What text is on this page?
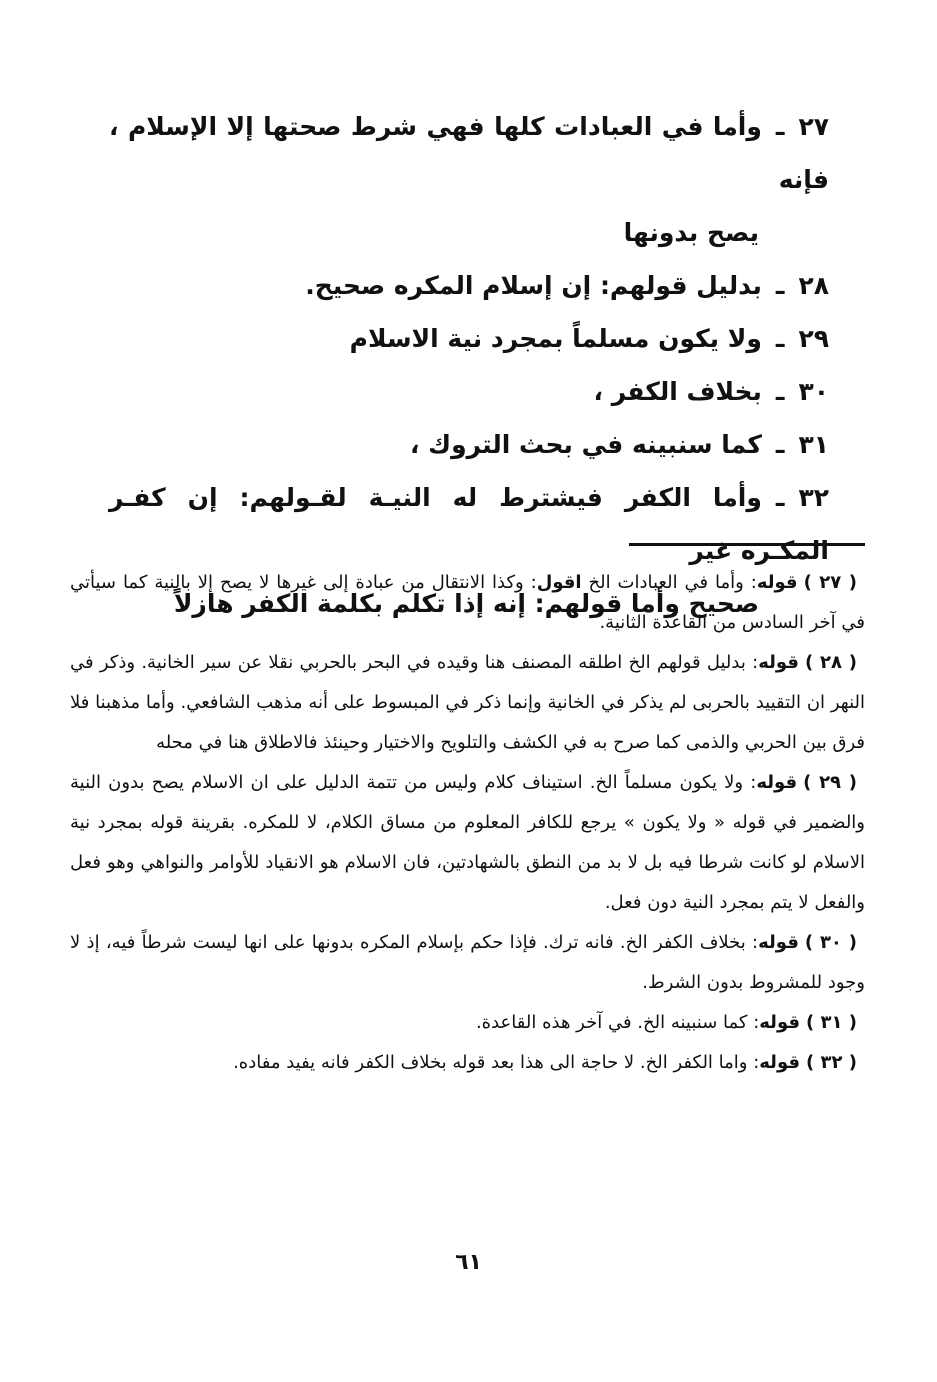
٢٧ـوأما في العبادات كلها فهي شرط صحتها إلا الإسلام ، فإنه
يصح بدونها
٢٨ـبدليل قولهم: إن إسلام المكره صحيح.
٢٩ـولا يكون مسلماً بمجرد نية الاسلام
٣٠ـبخلاف الكفر ،
٣١ـكما سنبينه في بحث التروك ،
٣٢ـوأما الكفر فيشترط له النيـة لقـولهم: إن كفـر المكـره غير
صحيح وأما قولهم: إنه إذا تكلم بكلمة الكفر هازلاً
( ٢٧ )قوله: وأما في العبادات الخ اقول: وكذا الانتقال من عبادة إلى غيرها لا يصح إلا بالنية كما سيأتي في آخر السادس من القاعدة الثانية.
( ٢٨ )قوله: بدليل قولهم الخ اطلقه المصنف هنا وقيده في البحر بالحربي نقلا عن سير الخانية. وذكر في النهر ان التقييد بالحربى لم يذكر في الخانية وإنما ذكر في المبسوط على أنه مذهب الشافعي. وأما مذهبنا فلا فرق بين الحربي والذمى كما صرح به في الكشف والتلويح والاختيار وحينئذ فالاطلاق هنا في محله
( ٢٩ )قوله: ولا يكون مسلماً الخ. استيناف كلام وليس من تتمة الدليل على ان الاسلام يصح بدون النية والضمير في قوله « ولا يكون » يرجع للكافر المعلوم من مساق الكلام، لا للمكره. بقرينة قوله بمجرد نية الاسلام لو كانت شرطا فيه بل لا بد من النطق بالشهادتين، فان الاسلام هو الانقياد للأوامر والنواهي وهو فعل والفعل لا يتم بمجرد النية دون فعل.
( ٣٠ )قوله: بخلاف الكفر الخ. فانه ترك. فإذا حكم بإسلام المكره بدونها على انها ليست شرطاً فيه، إذ لا وجود للمشروط بدون الشرط.
( ٣١ )قوله: كما سنبينه الخ. في آخر هذه القاعدة.
( ٣٢ )قوله: واما الكفر الخ. لا حاجة الى هذا بعد قوله بخلاف الكفر فانه يفيد مفاده.
٦١
